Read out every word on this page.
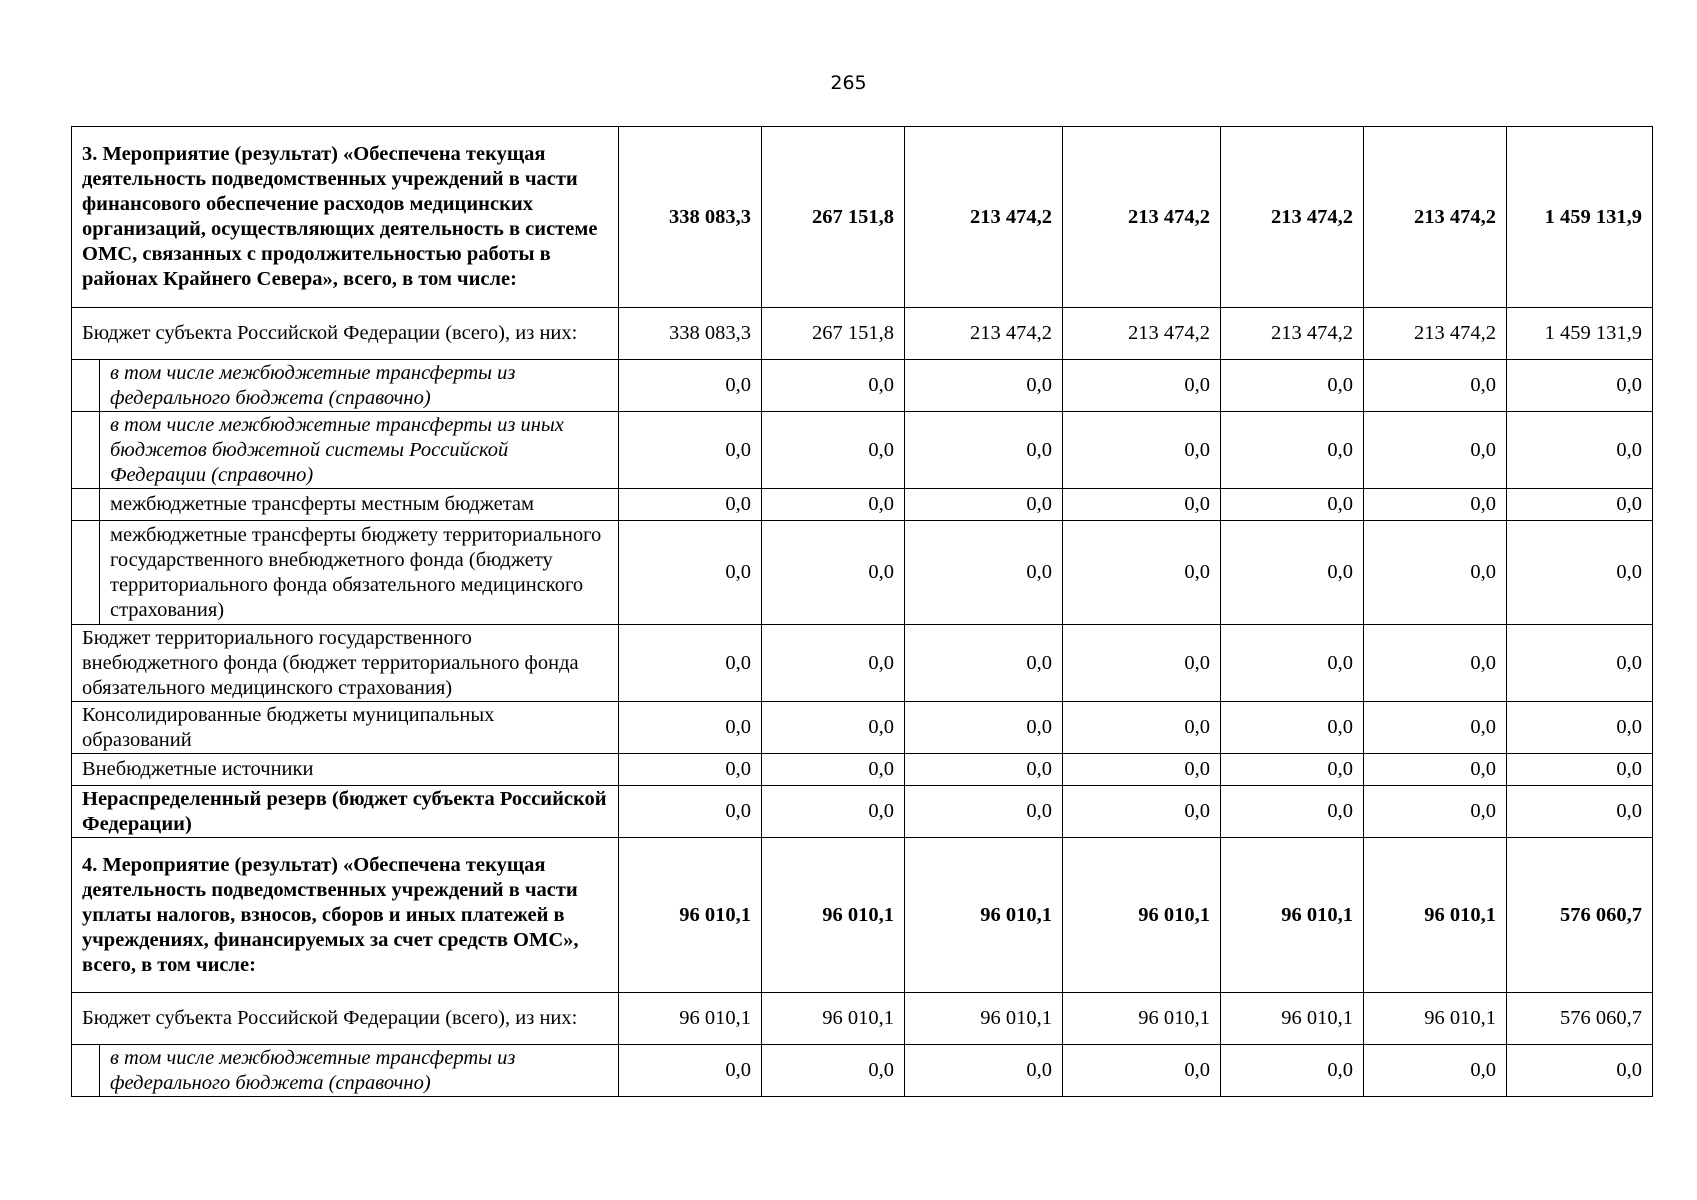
265
3. Мероприятие (результат) «Обеспечена текущая деятельность подведомственных учреждений в части финансового обеспечение расходов медицинских организаций, осуществляющих деятельность в системе ОМС, связанных с продолжительностью работы в районах Крайнего Севера», всего, в том числе:		338 083,3	267 151,8	213 474,2	213 474,2	213 474,2	213 474,2	1 459 131,9
Бюджет субъекта Российской Федерации (всего), из них:		338 083,3	267 151,8	213 474,2	213 474,2	213 474,2	213 474,2	1 459 131,9
	в том числе межбюджетные трансферты из федерального бюджета (справочно)	0,0	0,0	0,0	0,0	0,0	0,0	0,0
	в том числе межбюджетные трансферты из иных бюджетов бюджетной системы Российской Федерации (справочно)	0,0	0,0	0,0	0,0	0,0	0,0	0,0
	межбюджетные трансферты местным бюджетам	0,0	0,0	0,0	0,0	0,0	0,0	0,0
	межбюджетные трансферты бюджету территориального государственного внебюджетного фонда (бюджету территориального фонда обязательного медицинского страхования)	0,0	0,0	0,0	0,0	0,0	0,0	0,0
Бюджет территориального государственного внебюджетного фонда (бюджет территориального фонда обязательного медицинского страхования)		0,0	0,0	0,0	0,0	0,0	0,0	0,0
Консолидированные бюджеты муниципальных образований		0,0	0,0	0,0	0,0	0,0	0,0	0,0
Внебюджетные источники		0,0	0,0	0,0	0,0	0,0	0,0	0,0
Нераспределенный резерв (бюджет субъекта Российской Федерации)		0,0	0,0	0,0	0,0	0,0	0,0	0,0
4. Мероприятие (результат) «Обеспечена текущая деятельность подведомственных учреждений в части уплаты налогов, взносов, сборов и иных платежей в учреждениях, финансируемых за счет средств ОМС», всего, в том числе:		96 010,1	96 010,1	96 010,1	96 010,1	96 010,1	96 010,1	576 060,7
Бюджет субъекта Российской Федерации (всего), из них:		96 010,1	96 010,1	96 010,1	96 010,1	96 010,1	96 010,1	576 060,7
	в том числе межбюджетные трансферты из федерального бюджета (справочно)	0,0	0,0	0,0	0,0	0,0	0,0	0,0
